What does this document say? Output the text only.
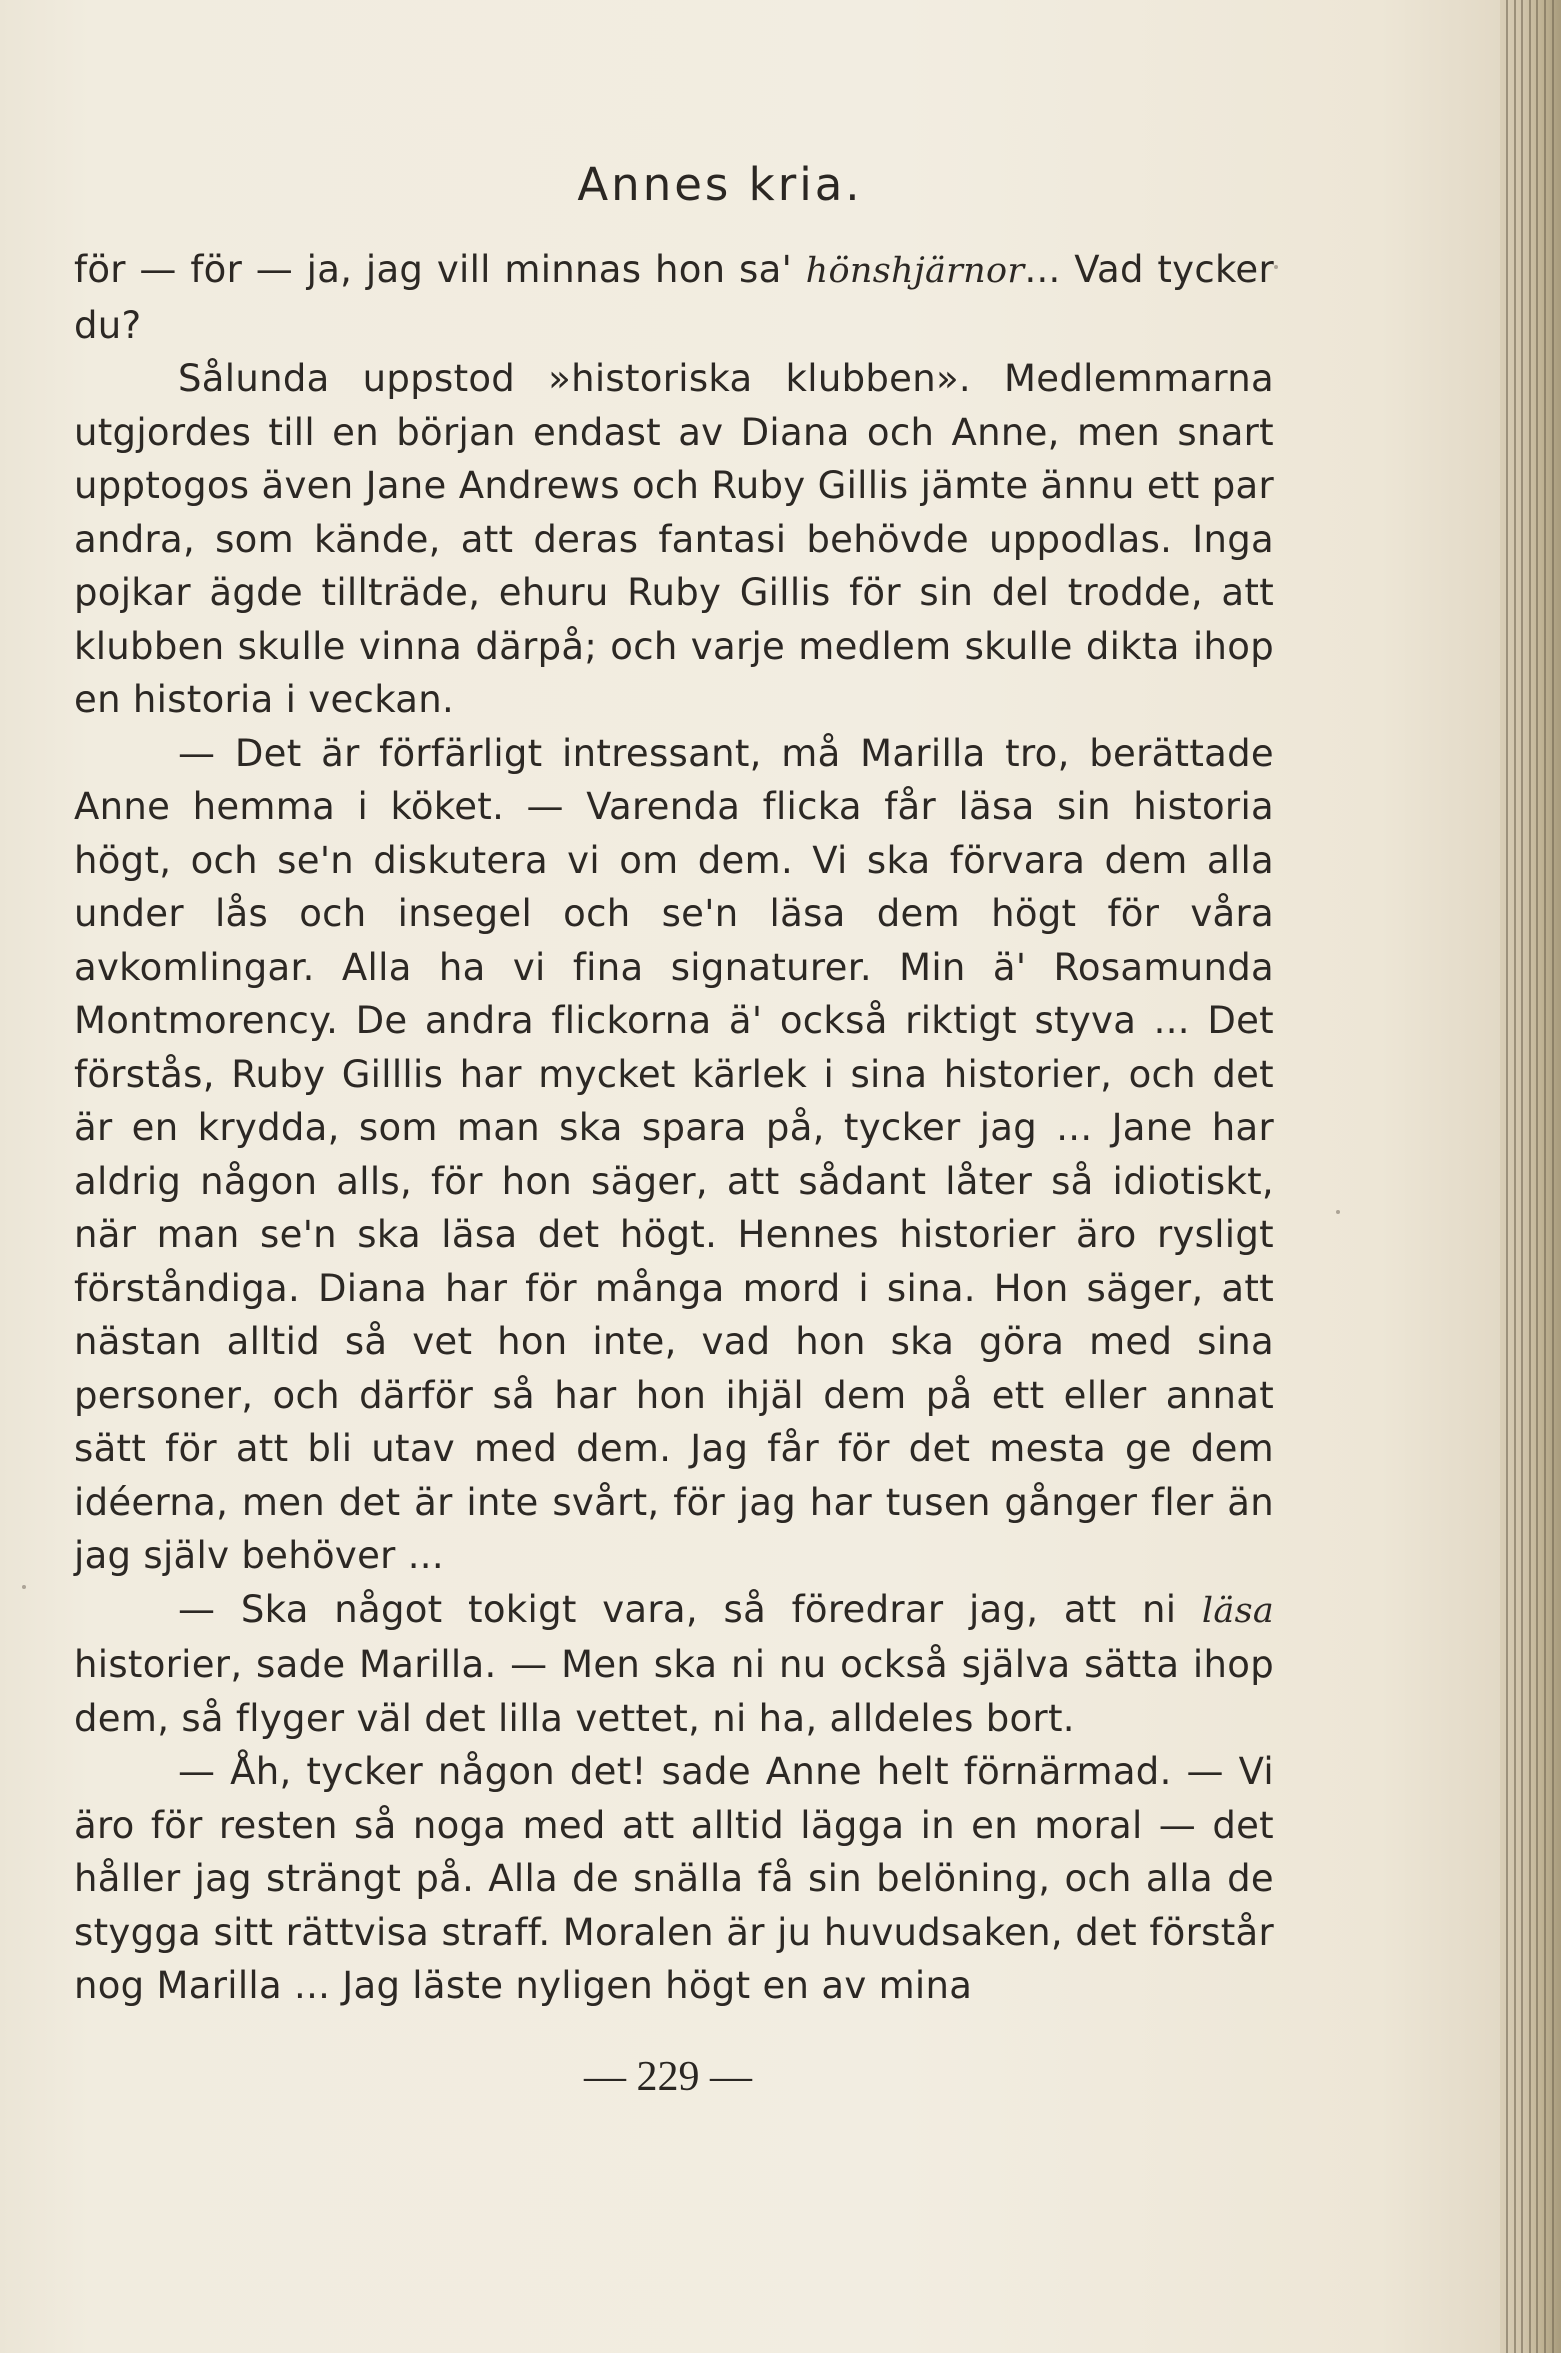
Annes kria.

för — för — ja, jag vill minnas hon sa' hönshjärnor... Vad tycker du?

Sålunda uppstod »historiska klubben». Medlemmarna utgjordes till en början endast av Diana och Anne, men snart upptogos även Jane Andrews och Ruby Gillis jämte ännu ett par andra, som kände, att deras fantasi behövde uppodlas. Inga pojkar ägde tillträde, ehuru Ruby Gillis för sin del trodde, att klubben skulle vinna därpå; och varje medlem skulle dikta ihop en historia i veckan.

— Det är förfärligt intressant, må Marilla tro, berättade Anne hemma i köket. — Varenda flicka får läsa sin historia högt, och se'n diskutera vi om dem. Vi ska förvara dem alla under lås och insegel och se'n läsa dem högt för våra avkomlingar. Alla ha vi fina signaturer. Min ä' Rosamunda Montmorency. De andra flickorna ä' också riktigt styva ... Det förstås, Ruby Gilllis har mycket kärlek i sina historier, och det är en krydda, som man ska spara på, tycker jag ... Jane har aldrig någon alls, för hon säger, att sådant låter så idiotiskt, när man se'n ska läsa det högt. Hennes historier äro rysligt förståndiga. Diana har för många mord i sina. Hon säger, att nästan alltid så vet hon inte, vad hon ska göra med sina personer, och därför så har hon ihjäl dem på ett eller annat sätt för att bli utav med dem. Jag får för det mesta ge dem idéerna, men det är inte svårt, för jag har tusen gånger fler än jag själv behöver ...

— Ska något tokigt vara, så föredrar jag, att ni läsa historier, sade Marilla. — Men ska ni nu också själva sätta ihop dem, så flyger väl det lilla vettet, ni ha, alldeles bort.

— Åh, tycker någon det! sade Anne helt förnärmad. — Vi äro för resten så noga med att alltid lägga in en moral — det håller jag strängt på. Alla de snälla få sin belöning, och alla de stygga sitt rättvisa straff. Moralen är ju huvudsaken, det förstår nog Marilla ... Jag läste nyligen högt en av mina

— 229 —
